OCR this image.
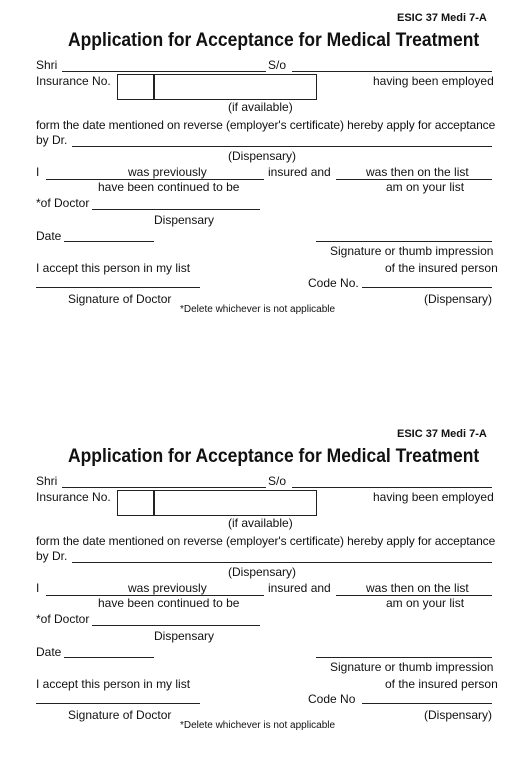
ESIC 37 Medi 7-A
Application for Acceptance for Medical Treatment
Shri	S/o
Insurance No.	having been employed
(if available)
form the date mentioned on reverse (employer's certificate) hereby apply for acceptance
by Dr.
(Dispensary)
I	was previously	insured and	was then on the list
have been continued to be	am on your list
*of Doctor
Dispensary
Date
Signature or thumb impression
I accept this person in my list	of the insured person
Code No.
Signature of Doctor	(Dispensary)
*Delete whichever is not applicable
ESIC 37 Medi 7-A
Application for Acceptance for Medical Treatment
Shri	S/o
Insurance No.	having been employed
(if available)
form the date mentioned on reverse (employer's certificate) hereby apply for acceptance
by Dr.
(Dispensary)
I	was previously	insured and	was then on the list
have been continued to be	am on your list
*of Doctor
Dispensary
Date
Signature or thumb impression
I accept this person in my list	of the insured person
Code No
Signature of Doctor	(Dispensary)
*Delete whichever is not applicable
